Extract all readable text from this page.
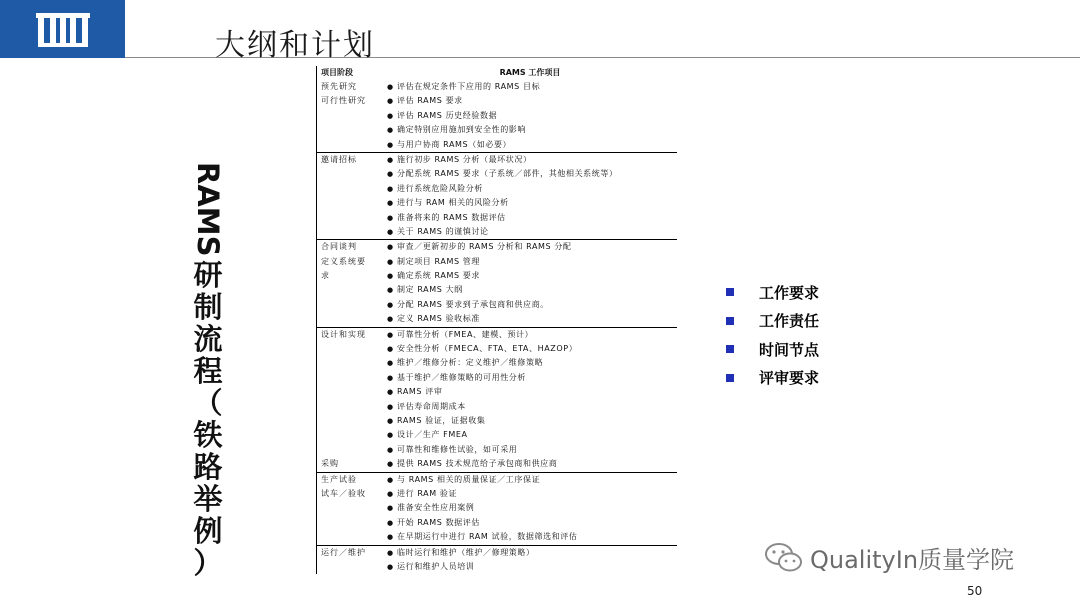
大纲和计划
RAMS
研
制
流
程
（
铁
路
举
例
）
项目阶段	RAMS 工作项目
预先研究	● 评估在规定条件下应用的 RAMS 目标
可行性研究	● 评估 RAMS 要求
● 评估 RAMS 历史经验数据
● 确定特别应用施加到安全性的影响
● 与用户协商 RAMS（如必要）
邀请招标	● 施行初步 RAMS 分析（最坏状况）
● 分配系统 RAMS 要求（子系统／部件，其他相关系统等）
● 进行系统危险风险分析
● 进行与 RAM 相关的风险分析
● 准备将来的 RAMS 数据评估
● 关于 RAMS 的谨慎讨论
合同谈判	● 审查／更新初步的 RAMS 分析和 RAMS 分配
定义系统要	● 制定项目 RAMS 管理
求	● 确定系统 RAMS 要求
● 制定 RAMS 大纲
● 分配 RAMS 要求到子承包商和供应商。
● 定义 RAMS 验收标准
设计和实现	● 可靠性分析（FMEA、建模、预计）
● 安全性分析（FMECA、FTA、ETA、HAZOP）
● 维护／维修分析：定义维护／维修策略
● 基于维护／维修策略的可用性分析
● RAMS 评审
● 评估寿命周期成本
● RAMS 验证，证据收集
● 设计／生产 FMEA
● 可靠性和维修性试验，如可采用
采购	● 提供 RAMS 技术规范给子承包商和供应商
生产试验	● 与 RAMS 相关的质量保证／工序保证
试车／验收	● 进行 RAM 验证
● 准备安全性应用案例
● 开始 RAMS 数据评估
● 在早期运行中进行 RAM 试验，数据筛选和评估
运行／维护	● 临时运行和维护（维护／修理策略）
● 运行和维护人员培训
工作要求
工作责任
时间节点
评审要求
QualityIn质量学院
50
